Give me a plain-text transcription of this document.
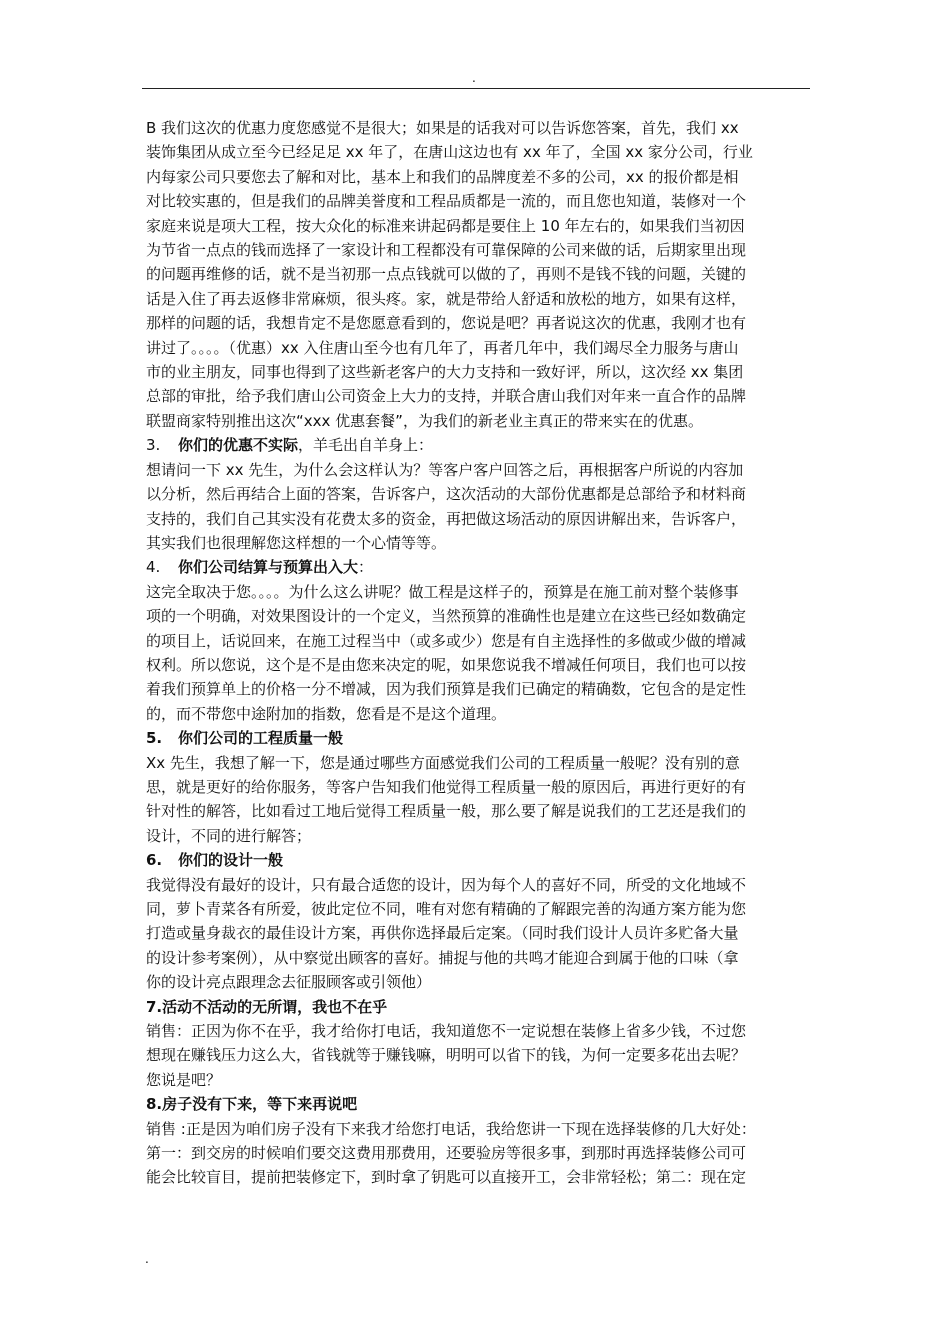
.

B 我们这次的优惠力度您感觉不是很大；如果是的话我对可以告诉您答案，首先，我们 xx

装饰集团从成立至今已经足足 xx 年了，在唐山这边也有 xx 年了，全国 xx 家分公司，行业

内每家公司只要您去了解和对比，基本上和我们的品牌度差不多的公司，xx 的报价都是相

对比较实惠的，但是我们的品牌美誉度和工程品质都是一流的，而且您也知道，装修对一个

家庭来说是项大工程，按大众化的标准来讲起码都是要住上 10 年左右的，如果我们当初因

为节省一点点的钱而选择了一家设计和工程都没有可靠保障的公司来做的话，后期家里出现

的问题再维修的话，就不是当初那一点点钱就可以做的了，再则不是钱不钱的问题，关键的

话是入住了再去返修非常麻烦，很头疼。家，就是带给人舒适和放松的地方，如果有这样，

那样的问题的话，我想肯定不是您愿意看到的，您说是吧？再者说这次的优惠，我刚才也有

讲过了。。。。（优惠）xx 入住唐山至今也有几年了，再者几年中，我们竭尽全力服务与唐山

市的业主朋友，同事也得到了这些新老客户的大力支持和一致好评，所以，这次经 xx 集团

总部的审批，给予我们唐山公司资金上大力的支持，并联合唐山我们对年来一直合作的品牌

联盟商家特别推出这次“xxx 优惠套餐”，为我们的新老业主真正的带来实在的优惠。

3. 你们的优惠不实际，羊毛出自羊身上：

想请问一下 xx 先生，为什么会这样认为？等客户客户回答之后，再根据客户所说的内容加

以分析，然后再结合上面的答案，告诉客户，这次活动的大部份优惠都是总部给予和材料商

支持的，我们自己其实没有花费太多的资金，再把做这场活动的原因讲解出来，告诉客户，

其实我们也很理解您这样想的一个心情等等。

4. 你们公司结算与预算出入大：

这完全取决于您。。。。为什么这么讲呢？做工程是这样子的，预算是在施工前对整个装修事

项的一个明确，对效果图设计的一个定义，当然预算的准确性也是建立在这些已经如数确定

的项目上，话说回来，在施工过程当中（或多或少）您是有自主选择性的多做或少做的增减

权利。所以您说，这个是不是由您来决定的呢，如果您说我不增减任何项目，我们也可以按

着我们预算单上的价格一分不增减，因为我们预算是我们已确定的精确数，它包含的是定性

的，而不带您中途附加的指数，您看是不是这个道理。

5. 你们公司的工程质量一般

Xx 先生，我想了解一下，您是通过哪些方面感觉我们公司的工程质量一般呢？没有别的意

思，就是更好的给你服务，等客户告知我们他觉得工程质量一般的原因后，再进行更好的有

针对性的解答，比如看过工地后觉得工程质量一般，那么要了解是说我们的工艺还是我们的

设计，不同的进行解答；

6. 你们的设计一般

我觉得没有最好的设计，只有最合适您的设计，因为每个人的喜好不同，所受的文化地域不

同，萝卜青菜各有所爱，彼此定位不同，唯有对您有精确的了解跟完善的沟通方案方能为您

打造或量身裁衣的最佳设计方案，再供你选择最后定案。（同时我们设计人员许多贮备大量

的设计参考案例），从中察觉出顾客的喜好。捕捉与他的共鸣才能迎合到属于他的口味（拿

你的设计亮点跟理念去征服顾客或引领他）

7.活动不活动的无所谓，我也不在乎

销售：正因为你不在乎，我才给你打电话，我知道您不一定说想在装修上省多少钱，不过您

想现在赚钱压力这么大，省钱就等于赚钱嘛，明明可以省下的钱，为何一定要多花出去呢？

您说是吧？

8.房子没有下来，等下来再说吧

销售 :正是因为咱们房子没有下来我才给您打电话，我给您讲一下现在选择装修的几大好处：

第一：到交房的时候咱们要交这费用那费用，还要验房等很多事，到那时再选择装修公司可

能会比较盲目，提前把装修定下，到时拿了钥匙可以直接开工，会非常轻松；第二：现在定

.
